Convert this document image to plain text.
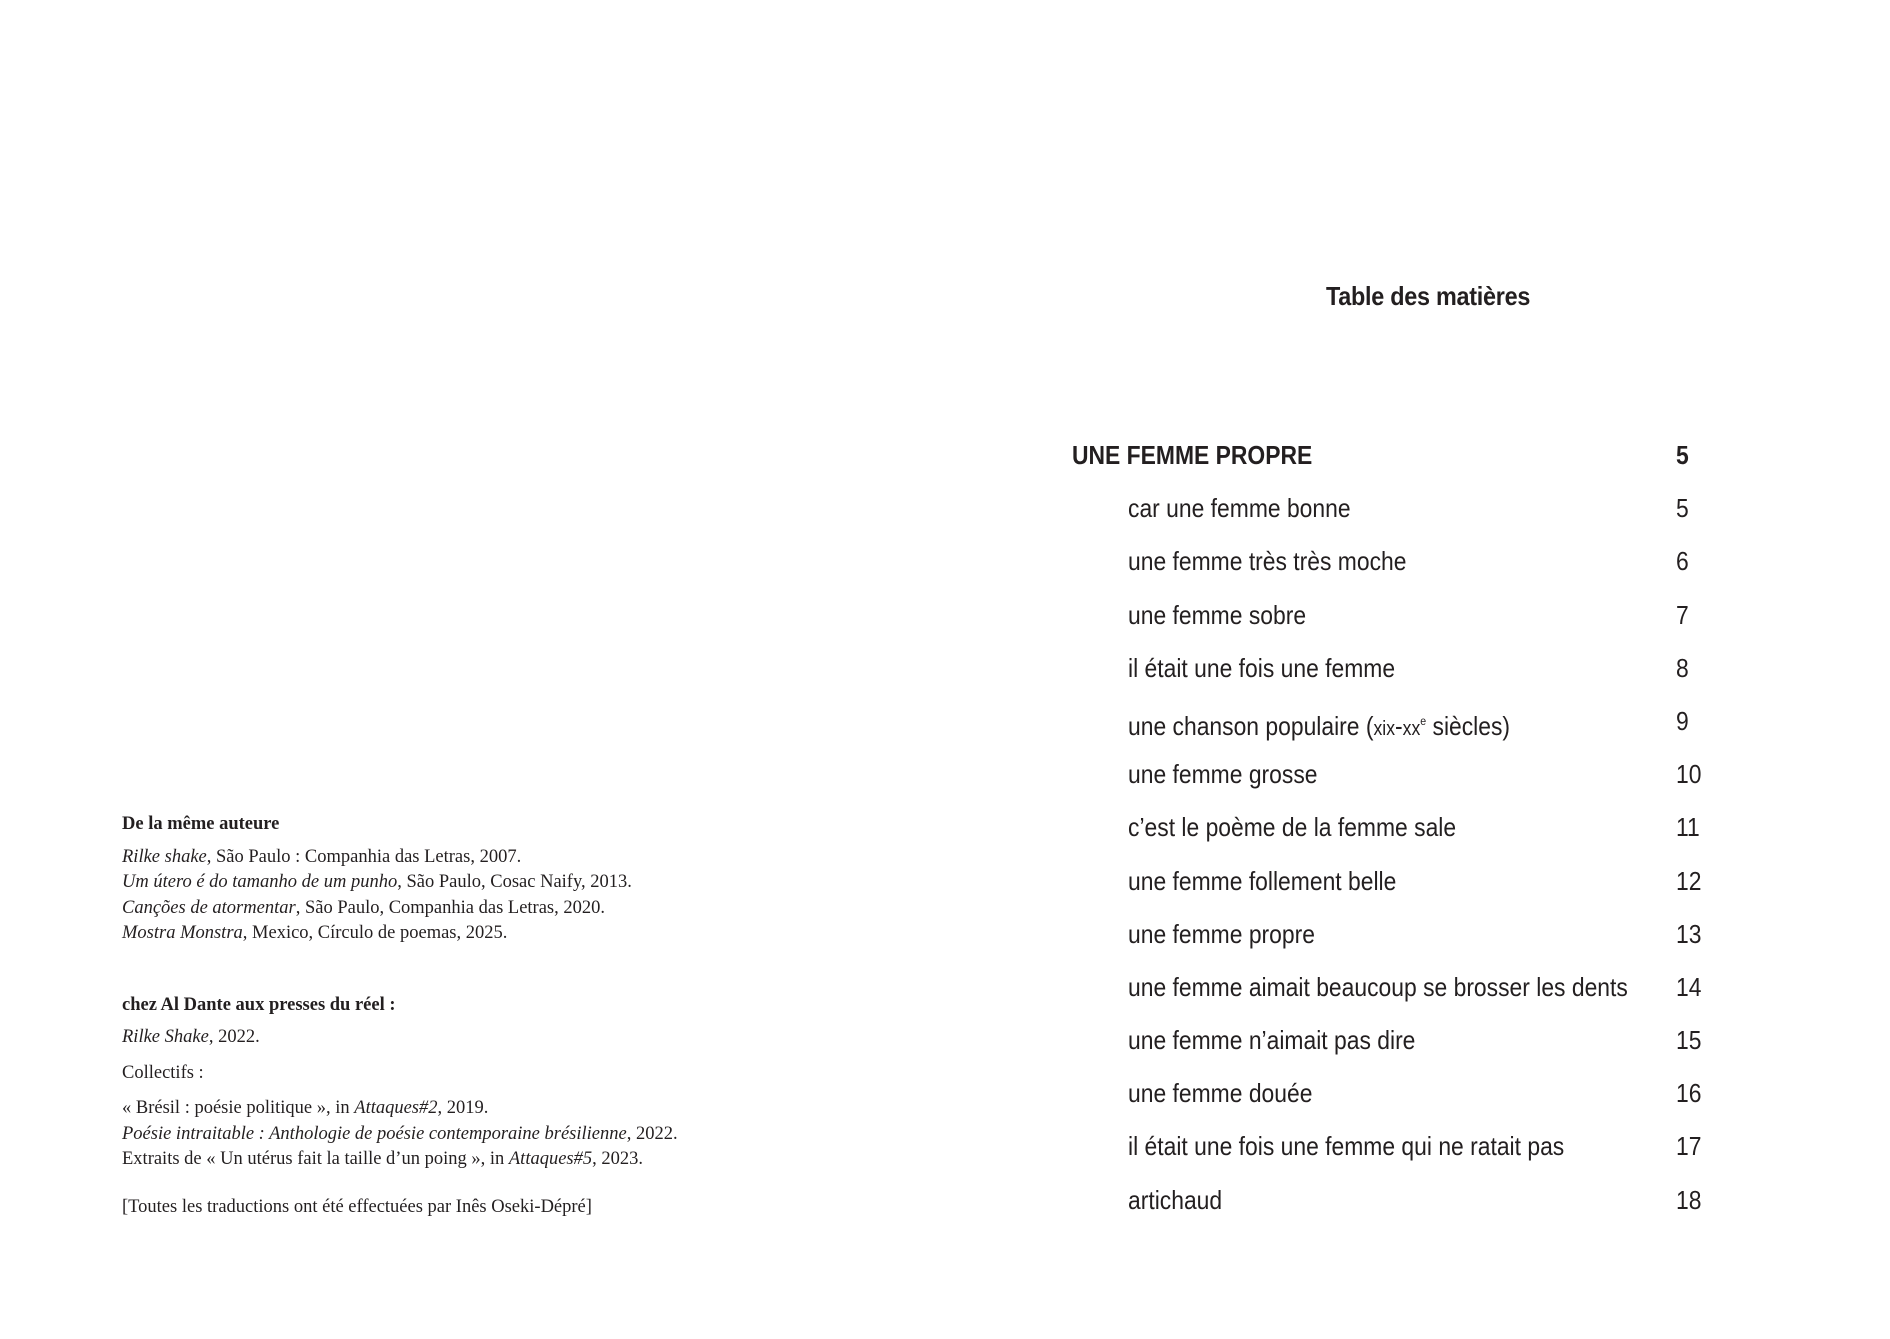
De la même auteure
Rilke shake, São Paulo : Companhia das Letras, 2007.
Um útero é do tamanho de um punho, São Paulo, Cosac Naify, 2013.
Canções de atormentar, São Paulo, Companhia das Letras, 2020.
Mostra Monstra, Mexico, Círculo de poemas, 2025.
chez Al Dante aux presses du réel :
Rilke Shake, 2022.
Collectifs :
« Brésil : poésie politique », in Attaques#2, 2019.
Poésie intraitable : Anthologie de poésie contemporaine brésilienne, 2022.
Extraits de « Un utérus fait la taille d’un poing », in Attaques#5, 2023.
[Toutes les traductions ont été effectuées par Inês Oseki-Dépré]
Table des matières
UNE FEMME PROPRE	5
car une femme bonne	5
une femme très très moche	6
une femme sobre	7
il était une fois une femme	8
une chanson populaire ($xix-xx^e$ siècles)	9
une femme grosse	10
c’est le poème de la femme sale	11
une femme follement belle	12
une femme propre	13
une femme aimait beaucoup se brosser les dents 14
une femme n’aimait pas dire	15
une femme douée	16
il était une fois une femme qui ne ratait pas	17
artichaud	18
